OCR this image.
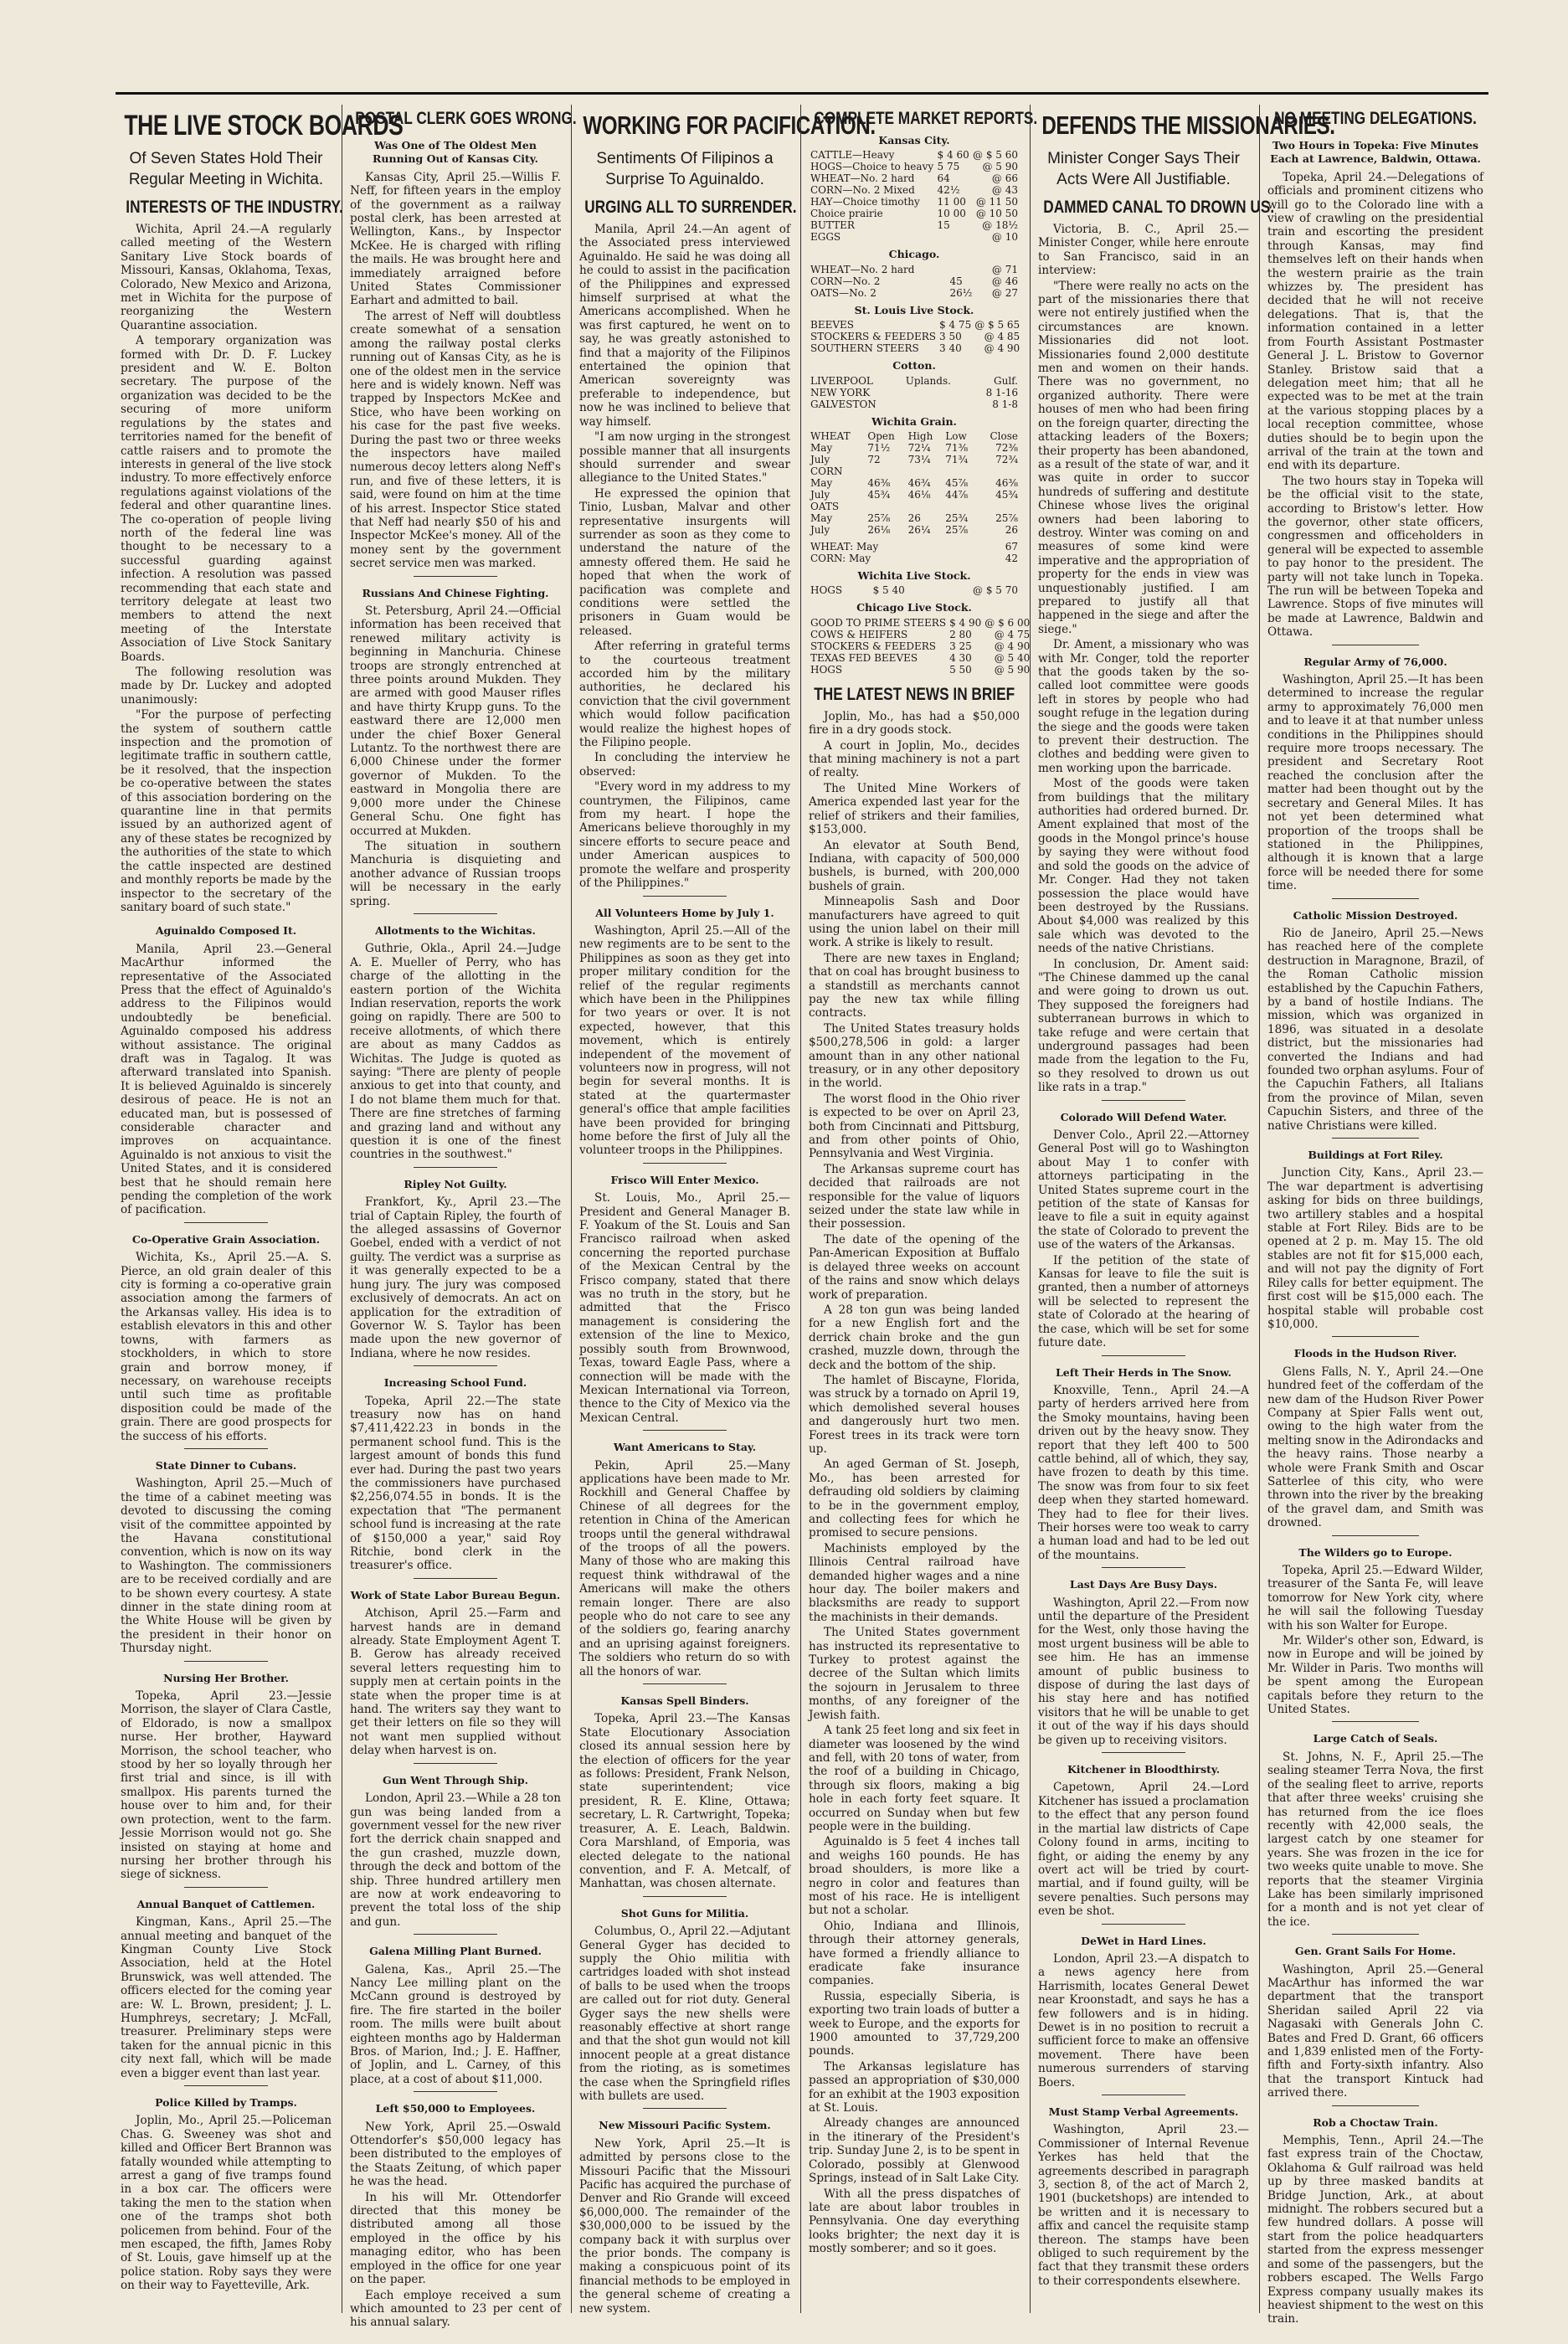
THE LIVE STOCK BOARDS
Of Seven States Hold Their Regular Meeting in Wichita.
INTERESTS OF THE INDUSTRY.

Wichita, April 24.—A regularly called meeting of the Western Sanitary Live Stock boards of Missouri, Kansas, Oklahoma, Texas, Colorado, New Mexico and Arizona, met in Wichita for the purpose of reorganizing the Western Quarantine association.

A temporary organization was formed with Dr. D. F. Luckey president and W. E. Bolton secretary. The purpose of the organization was decided to be the securing of more uniform regulations by the states and territories named for the benefit of cattle raisers and to promote the interests in general of the live stock industry. To more effectively enforce regulations against violations of the federal and other quarantine lines. The co-operation of people living north of the federal line was thought to be necessary to a successful guarding against infection. A resolution was passed recommending that each state and territory delegate at least two members to attend the next meeting of the Interstate Association of Live Stock Sanitary Boards.

The following resolution was made by Dr. Luckey and adopted unanimously:

"For the purpose of perfecting the system of southern cattle inspection and the promotion of legitimate traffic in southern cattle, be it resolved, that the inspection be co-operative between the states of this association bordering on the quarantine line in that permits issued by an authorized agent of any of these states be recognized by the authorities of the state to which the cattle inspected are destined and monthly reports be made by the inspector to the secretary of the sanitary board of such state."

Aguinaldo Composed It.

Manila, April 23.—General MacArthur informed the representative of the Associated Press that the effect of Aguinaldo's address to the Filipinos would undoubtedly be beneficial. Aguinaldo composed his address without assistance. The original draft was in Tagalog. It was afterward translated into Spanish. It is believed Aguinaldo is sincerely desirous of peace. He is not an educated man, but is possessed of considerable character and improves on acquaintance. Aguinaldo is not anxious to visit the United States, and it is considered best that he should remain here pending the completion of the work of pacification.

Co-Operative Grain Association.

Wichita, Ks., April 25.—A. S. Pierce, an old grain dealer of this city is forming a co-operative grain association among the farmers of the Arkansas valley. His idea is to establish elevators in this and other towns, with farmers as stockholders, in which to store grain and borrow money, if necessary, on warehouse receipts until such time as profitable disposition could be made of the grain. There are good prospects for the success of his efforts.

State Dinner to Cubans.

Washington, April 25.—Much of the time of a cabinet meeting was devoted to discussing the coming visit of the committee appointed by the Havana constitutional convention, which is now on its way to Washington. The commissioners are to be received cordially and are to be shown every courtesy. A state dinner in the state dining room at the White House will be given by the president in their honor on Thursday night.

Nursing Her Brother.

Topeka, April 23.—Jessie Morrison, the slayer of Clara Castle, of Eldorado, is now a smallpox nurse. Her brother, Hayward Morrison, the school teacher, who stood by her so loyally through her first trial and since, is ill with smallpox. His parents turned the house over to him and, for their own protection, went to the farm. Jessie Morrison would not go. She insisted on staying at home and nursing her brother through his siege of sickness.

Annual Banquet of Cattlemen.

Kingman, Kans., April 25.—The annual meeting and banquet of the Kingman County Live Stock Association, held at the Hotel Brunswick, was well attended. The officers elected for the coming year are: W. L. Brown, president; J. L. Humphreys, secretary; J. McFall, treasurer. Preliminary steps were taken for the annual picnic in this city next fall, which will be made even a bigger event than last year.

Police Killed by Tramps.

Joplin, Mo., April 25.—Policeman Chas. G. Sweeney was shot and killed and Officer Bert Brannon was fatally wounded while attempting to arrest a gang of five tramps found in a box car. The officers were taking the men to the station when one of the tramps shot both policemen from behind. Four of the men escaped, the fifth, James Roby of St. Louis, gave himself up at the police station. Roby says they were on their way to Fayetteville, Ark.

POSTAL CLERK GOES WRONG.
Was One of The Oldest Men Running Out of Kansas City.

Kansas City, April 25.—Willis F. Neff, for fifteen years in the employ of the government as a railway postal clerk, has been arrested at Wellington, Kans., by Inspector McKee. He is charged with rifling the mails. He was brought here and immediately arraigned before United States Commissioner Earhart and admitted to bail.

The arrest of Neff will doubtless create somewhat of a sensation among the railway postal clerks running out of Kansas City, as he is one of the oldest men in the service here and is widely known. Neff was trapped by Inspectors McKee and Stice, who have been working on his case for the past five weeks. During the past two or three weeks the inspectors have mailed numerous decoy letters along Neff's run, and five of these letters, it is said, were found on him at the time of his arrest. Inspector Stice stated that Neff had nearly $50 of his and Inspector McKee's money. All of the money sent by the government secret service men was marked.

Russians And Chinese Fighting.

St. Petersburg, April 24.—Official information has been received that renewed military activity is beginning in Manchuria. Chinese troops are strongly entrenched at three points around Mukden. They are armed with good Mauser rifles and have thirty Krupp guns. To the eastward there are 12,000 men under the chief Boxer General Lutantz. To the northwest there are 6,000 Chinese under the former governor of Mukden. To the eastward in Mongolia there are 9,000 more under the Chinese General Schu. One fight has occurred at Mukden.

The situation in southern Manchuria is disquieting and another advance of Russian troops will be necessary in the early spring.

Allotments to the Wichitas.

Guthrie, Okla., April 24.—Judge A. E. Mueller of Perry, who has charge of the allotting in the eastern portion of the Wichita Indian reservation, reports the work going on rapidly. There are 500 to receive allotments, of which there are about as many Caddos as Wichitas. The Judge is quoted as saying: "There are plenty of people anxious to get into that county, and I do not blame them much for that. There are fine stretches of farming and grazing land and without any question it is one of the finest countries in the southwest."

Ripley Not Guilty.

Frankfort, Ky., April 23.—The trial of Captain Ripley, the fourth of the alleged assassins of Governor Goebel, ended with a verdict of not guilty. The verdict was a surprise as it was generally expected to be a hung jury. The jury was composed exclusively of democrats. An act on application for the extradition of Governor W. S. Taylor has been made upon the new governor of Indiana, where he now resides.

Increasing School Fund.

Topeka, April 22.—The state treasury now has on hand $7,411,422.23 in bonds in the permanent school fund. This is the largest amount of bonds this fund ever had. During the past two years the commissioners have purchased $2,256,074.55 in bonds. It is the expectation that "The permanent school fund is increasing at the rate of $150,000 a year," said Roy Ritchie, bond clerk in the treasurer's office.

Work of State Labor Bureau Begun.

Atchison, April 25.—Farm and harvest hands are in demand already. State Employment Agent T. B. Gerow has already received several letters requesting him to supply men at certain points in the state when the proper time is at hand. The writers say they want to get their letters on file so they will not want men supplied without delay when harvest is on.

Gun Went Through Ship.

London, April 23.—While a 28 ton gun was being landed from a government vessel for the new river fort the derrick chain snapped and the gun crashed, muzzle down, through the deck and bottom of the ship. Three hundred artillery men are now at work endeavoring to prevent the total loss of the ship and gun.

Galena Milling Plant Burned.

Galena, Kas., April 25.—The Nancy Lee milling plant on the McCann ground is destroyed by fire. The fire started in the boiler room. The mills were built about eighteen months ago by Halderman Bros. of Marion, Ind.; J. E. Haffner, of Joplin, and L. Carney, of this place, at a cost of about $11,000.

Left $50,000 to Employees.

New York, April 25.—Oswald Ottendorfer's $50,000 legacy has been distributed to the employes of the Staats Zeitung, of which paper he was the head.

In his will Mr. Ottendorfer directed that this money be distributed among all those employed in the office by his managing editor, who has been employed in the office for one year on the paper.

Each employe received a sum which amounted to 23 per cent of his annual salary.

WORKING FOR PACIFICATION.
Sentiments Of Filipinos a Surprise To Aguinaldo.
URGING ALL TO SURRENDER.

Manila, April 24.—An agent of the Associated press interviewed Aguinaldo. He said he was doing all he could to assist in the pacification of the Philippines and expressed himself surprised at what the Americans accomplished. When he was first captured, he went on to say, he was greatly astonished to find that a majority of the Filipinos entertained the opinion that American sovereignty was preferable to independence, but now he was inclined to believe that way himself.

"I am now urging in the strongest possible manner that all insurgents should surrender and swear allegiance to the United States."

He expressed the opinion that Tinio, Lusban, Malvar and other representative insurgents will surrender as soon as they come to understand the nature of the amnesty offered them. He said he hoped that when the work of pacification was complete and conditions were settled the prisoners in Guam would be released.

After referring in grateful terms to the courteous treatment accorded him by the military authorities, he declared his conviction that the civil government which would follow pacification would realize the highest hopes of the Filipino people.

In concluding the interview he observed:

"Every word in my address to my countrymen, the Filipinos, came from my heart. I hope the Americans believe thoroughly in my sincere efforts to secure peace and under American auspices to promote the welfare and prosperity of the Philippines."

All Volunteers Home by July 1.

Washington, April 25.—All of the new regiments are to be sent to the Philippines as soon as they get into proper military condition for the relief of the regular regiments which have been in the Philippines for two years or over. It is not expected, however, that this movement, which is entirely independent of the movement of volunteers now in progress, will not begin for several months. It is stated at the quartermaster general's office that ample facilities have been provided for bringing home before the first of July all the volunteer troops in the Philippines.

Frisco Will Enter Mexico.

St. Louis, Mo., April 25.—President and General Manager B. F. Yoakum of the St. Louis and San Francisco railroad when asked concerning the reported purchase of the Mexican Central by the Frisco company, stated that there was no truth in the story, but he admitted that the Frisco management is considering the extension of the line to Mexico, possibly south from Brownwood, Texas, toward Eagle Pass, where a connection will be made with the Mexican International via Torreon, thence to the City of Mexico via the Mexican Central.

Want Americans to Stay.

Pekin, April 25.—Many applications have been made to Mr. Rockhill and General Chaffee by Chinese of all degrees for the retention in China of the American troops until the general withdrawal of the troops of all the powers. Many of those who are making this request think withdrawal of the Americans will make the others remain longer. There are also people who do not care to see any of the soldiers go, fearing anarchy and an uprising against foreigners. The soldiers who return do so with all the honors of war.

Kansas Spell Binders.

Topeka, April 23.—The Kansas State Elocutionary Association closed its annual session here by the election of officers for the year as follows: President, Frank Nelson, state superintendent; vice president, R. E. Kline, Ottawa; secretary, L. R. Cartwright, Topeka; treasurer, A. E. Leach, Baldwin. Cora Marshland, of Emporia, was elected delegate to the national convention, and F. A. Metcalf, of Manhattan, was chosen alternate.

Shot Guns for Militia.

Columbus, O., April 22.—Adjutant General Gyger has decided to supply the Ohio militia with cartridges loaded with shot instead of balls to be used when the troops are called out for riot duty. General Gyger says the new shells were reasonably effective at short range and that the shot gun would not kill innocent people at a great distance from the rioting, as is sometimes the case when the Springfield rifles with bullets are used.

New Missouri Pacific System.

New York, April 25.—It is admitted by persons close to the Missouri Pacific that the Missouri Pacific has acquired the purchase of Denver and Rio Grande will exceed $6,000,000. The remainder of the $30,000,000 to be issued by the company back it with surplus over the prior bonds. The company is making a conspicuous point of its financial methods to be employed in the general scheme of creating a new system.

COMPLETE MARKET REPORTS.
Kansas City.
CATTLE—Heavy	$ 4 60	@ $ 5 60
HOGS—Choice to heavy	5 75	@ 5 90
WHEAT—No. 2 hard	64	@ 66
CORN—No. 2 Mixed	42½	@ 43
HAY—Choice timothy	11 00	@ 11 50
Choice prairie	10 00	@ 10 50
BUTTER	15	@ 18½
EGGS		@ 10
Chicago.
WHEAT—No. 2 hard		@ 71
CORN—No. 2	45	@ 46
OATS—No. 2	26½	@ 27
St. Louis Live Stock.
BEEVES	$ 4 75	@ $ 5 65
STOCKERS & FEEDERS	3 50	@ 4 85
SOUTHERN STEERS	3 40	@ 4 90
Cotton.
LIVERPOOL	Uplands.	Gulf.
NEW YORK		8 1-16
GALVESTON		8 1-8
Wichita Grain.
WHEAT	Open	High	Low	Close
May	71½	72¼	71⅜	72⅜
July	72	73¼	71¾	72¾
CORN				
May	46⅜	46¾	45⅞	46⅜
July	45¾	46⅛	44⅞	45¾
OATS				
May	25⅞	26	25¾	25⅞
July	26⅛	26¼	25⅞	26
WHEAT: May		67
CORN: May		42
Wichita Live Stock.
HOGS	$ 5 40	@ $ 5 70
Chicago Live Stock.
GOOD TO PRIME STEERS	$ 4 90	@ $ 6 00
COWS & HEIFERS	2 80	@ 4 75
STOCKERS & FEEDERS	3 25	@ 4 90
TEXAS FED BEEVES	4 30	@ 5 40
HOGS	5 50	@ 5 90
THE LATEST NEWS IN BRIEF

Joplin, Mo., has had a $50,000 fire in a dry goods stock.

A court in Joplin, Mo., decides that mining machinery is not a part of realty.

The United Mine Workers of America expended last year for the relief of strikers and their families, $153,000.

An elevator at South Bend, Indiana, with capacity of 500,000 bushels, is burned, with 200,000 bushels of grain.

Minneapolis Sash and Door manufacturers have agreed to quit using the union label on their mill work. A strike is likely to result.

There are new taxes in England; that on coal has brought business to a standstill as merchants cannot pay the new tax while filling contracts.

The United States treasury holds $500,278,506 in gold: a larger amount than in any other national treasury, or in any other depository in the world.

The worst flood in the Ohio river is expected to be over on April 23, both from Cincinnati and Pittsburg, and from other points of Ohio, Pennsylvania and West Virginia.

The Arkansas supreme court has decided that railroads are not responsible for the value of liquors seized under the state law while in their possession.

The date of the opening of the Pan-American Exposition at Buffalo is delayed three weeks on account of the rains and snow which delays work of preparation.

A 28 ton gun was being landed for a new English fort and the derrick chain broke and the gun crashed, muzzle down, through the deck and the bottom of the ship.

The hamlet of Biscayne, Florida, was struck by a tornado on April 19, which demolished several houses and dangerously hurt two men. Forest trees in its track were torn up.

An aged German of St. Joseph, Mo., has been arrested for defrauding old soldiers by claiming to be in the government employ, and collecting fees for which he promised to secure pensions.

Machinists employed by the Illinois Central railroad have demanded higher wages and a nine hour day. The boiler makers and blacksmiths are ready to support the machinists in their demands.

The United States government has instructed its representative to Turkey to protest against the decree of the Sultan which limits the sojourn in Jerusalem to three months, of any foreigner of the Jewish faith.

A tank 25 feet long and six feet in diameter was loosened by the wind and fell, with 20 tons of water, from the roof of a building in Chicago, through six floors, making a big hole in each forty feet square. It occurred on Sunday when but few people were in the building.

Aguinaldo is 5 feet 4 inches tall and weighs 160 pounds. He has broad shoulders, is more like a negro in color and features than most of his race. He is intelligent but not a scholar.

Ohio, Indiana and Illinois, through their attorney generals, have formed a friendly alliance to eradicate fake insurance companies.

Russia, especially Siberia, is exporting two train loads of butter a week to Europe, and the exports for 1900 amounted to 37,729,200 pounds.

The Arkansas legislature has passed an appropriation of $30,000 for an exhibit at the 1903 exposition at St. Louis.

Already changes are announced in the itinerary of the President's trip. Sunday June 2, is to be spent in Colorado, possibly at Glenwood Springs, instead of in Salt Lake City.

With all the press dispatches of late are about labor troubles in Pennsylvania. One day everything looks brighter; the next day it is mostly somberer; and so it goes.

DEFENDS THE MISSIONARIES.
Minister Conger Says Their Acts Were All Justifiable.
DAMMED CANAL TO DROWN US.

Victoria, B. C., April 25.—Minister Conger, while here enroute to San Francisco, said in an interview:

"There were really no acts on the part of the missionaries there that were not entirely justified when the circumstances are known. Missionaries did not loot. Missionaries found 2,000 destitute men and women on their hands. There was no government, no organized authority. There were houses of men who had been firing on the foreign quarter, directing the attacking leaders of the Boxers; their property has been abandoned, as a result of the state of war, and it was quite in order to succor hundreds of suffering and destitute Chinese whose lives the original owners had been laboring to destroy. Winter was coming on and measures of some kind were imperative and the appropriation of property for the ends in view was unquestionably justified. I am prepared to justify all that happened in the siege and after the siege."

Dr. Ament, a missionary who was with Mr. Conger, told the reporter that the goods taken by the so-called loot committee were goods left in stores by people who had sought refuge in the legation during the siege and the goods were taken to prevent their destruction. The clothes and bedding were given to men working upon the barricade.

Most of the goods were taken from buildings that the military authorities had ordered burned. Dr. Ament explained that most of the goods in the Mongol prince's house by saying they were without food and sold the goods on the advice of Mr. Conger. Had they not taken possession the place would have been destroyed by the Russians. About $4,000 was realized by this sale which was devoted to the needs of the native Christians.

In conclusion, Dr. Ament said: "The Chinese dammed up the canal and were going to drown us out. They supposed the foreigners had subterranean burrows in which to take refuge and were certain that underground passages had been made from the legation to the Fu, so they resolved to drown us out like rats in a trap."

Colorado Will Defend Water.

Denver Colo., April 22.—Attorney General Post will go to Washington about May 1 to confer with attorneys participating in the United States supreme court in the petition of the state of Kansas for leave to file a suit in equity against the state of Colorado to prevent the use of the waters of the Arkansas.

If the petition of the state of Kansas for leave to file the suit is granted, then a number of attorneys will be selected to represent the state of Colorado at the hearing of the case, which will be set for some future date.

Left Their Herds in The Snow.

Knoxville, Tenn., April 24.—A party of herders arrived here from the Smoky mountains, having been driven out by the heavy snow. They report that they left 400 to 500 cattle behind, all of which, they say, have frozen to death by this time. The snow was from four to six feet deep when they started homeward. They had to flee for their lives. Their horses were too weak to carry a human load and had to be led out of the mountains.

Last Days Are Busy Days.

Washington, April 22.—From now until the departure of the President for the West, only those having the most urgent business will be able to see him. He has an immense amount of public business to dispose of during the last days of his stay here and has notified visitors that he will be unable to get it out of the way if his days should be given up to receiving visitors.

Kitchener in Bloodthirsty.

Capetown, April 24.—Lord Kitchener has issued a proclamation to the effect that any person found in the martial law districts of Cape Colony found in arms, inciting to fight, or aiding the enemy by any overt act will be tried by court-martial, and if found guilty, will be severe penalties. Such persons may even be shot.

DeWet in Hard Lines.

London, April 23.—A dispatch to a news agency here from Harrismith, locates General Dewet near Kroonstadt, and says he has a few followers and is in hiding. Dewet is in no position to recruit a sufficient force to make an offensive movement. There have been numerous surrenders of starving Boers.

Must Stamp Verbal Agreements.

Washington, April 23.—Commissioner of Internal Revenue Yerkes has held that the agreements described in paragraph 3, section 8, of the act of March 2, 1901 (bucketshops) are intended to be written and it is necessary to affix and cancel the requisite stamp thereon. The stamps have been obliged to such requirement by the fact that they transmit these orders to their correspondents elsewhere.

NO MEETING DELEGATIONS.
Two Hours in Topeka: Five Minutes Each at Lawrence, Baldwin, Ottawa.

Topeka, April 24.—Delegations of officials and prominent citizens who will go to the Colorado line with a view of crawling on the presidential train and escorting the president through Kansas, may find themselves left on their hands when the western prairie as the train whizzes by. The president has decided that he will not receive delegations. That is, that the information contained in a letter from Fourth Assistant Postmaster General J. L. Bristow to Governor Stanley. Bristow said that a delegation meet him; that all he expected was to be met at the train at the various stopping places by a local reception committee, whose duties should be to begin upon the arrival of the train at the town and end with its departure.

The two hours stay in Topeka will be the official visit to the state, according to Bristow's letter. How the governor, other state officers, congressmen and officeholders in general will be expected to assemble to pay honor to the president. The party will not take lunch in Topeka. The run will be between Topeka and Lawrence. Stops of five minutes will be made at Lawrence, Baldwin and Ottawa.

Regular Army of 76,000.

Washington, April 25.—It has been determined to increase the regular army to approximately 76,000 men and to leave it at that number unless conditions in the Philippines should require more troops necessary. The president and Secretary Root reached the conclusion after the matter had been thought out by the secretary and General Miles. It has not yet been determined what proportion of the troops shall be stationed in the Philippines, although it is known that a large force will be needed there for some time.

Catholic Mission Destroyed.

Rio de Janeiro, April 25.—News has reached here of the complete destruction in Maragnone, Brazil, of the Roman Catholic mission established by the Capuchin Fathers, by a band of hostile Indians. The mission, which was organized in 1896, was situated in a desolate district, but the missionaries had converted the Indians and had founded two orphan asylums. Four of the Capuchin Fathers, all Italians from the province of Milan, seven Capuchin Sisters, and three of the native Christians were killed.

Buildings at Fort Riley.

Junction City, Kans., April 23.—The war department is advertising asking for bids on three buildings, two artillery stables and a hospital stable at Fort Riley. Bids are to be opened at 2 p. m. May 15. The old stables are not fit for $15,000 each, and will not pay the dignity of Fort Riley calls for better equipment. The first cost will be $15,000 each. The hospital stable will probable cost $10,000.

Floods in the Hudson River.

Glens Falls, N. Y., April 24.—One hundred feet of the cofferdam of the new dam of the Hudson River Power Company at Spier Falls went out, owing to the high water from the melting snow in the Adirondacks and the heavy rains. Those nearby a whole were Frank Smith and Oscar Satterlee of this city, who were thrown into the river by the breaking of the gravel dam, and Smith was drowned.

The Wilders go to Europe.

Topeka, April 25.—Edward Wilder, treasurer of the Santa Fe, will leave tomorrow for New York city, where he will sail the following Tuesday with his son Walter for Europe.

Mr. Wilder's other son, Edward, is now in Europe and will be joined by Mr. Wilder in Paris. Two months will be spent among the European capitals before they return to the United States.

Large Catch of Seals.

St. Johns, N. F., April 25.—The sealing steamer Terra Nova, the first of the sealing fleet to arrive, reports that after three weeks' cruising she has returned from the ice floes recently with 42,000 seals, the largest catch by one steamer for years. She was frozen in the ice for two weeks quite unable to move. She reports that the steamer Virginia Lake has been similarly imprisoned for a month and is not yet clear of the ice.

Gen. Grant Sails For Home.

Washington, April 25.—General MacArthur has informed the war department that the transport Sheridan sailed April 22 via Nagasaki with Generals John C. Bates and Fred D. Grant, 66 officers and 1,839 enlisted men of the Forty-fifth and Forty-sixth infantry. Also that the transport Kintuck had arrived there.

Rob a Choctaw Train.

Memphis, Tenn., April 24.—The fast express train of the Choctaw, Oklahoma & Gulf railroad was held up by three masked bandits at Bridge Junction, Ark., at about midnight. The robbers secured but a few hundred dollars. A posse will start from the police headquarters started from the express messenger and some of the passengers, but the robbers escaped. The Wells Fargo Express company usually makes its heaviest shipment to the west on this train.
